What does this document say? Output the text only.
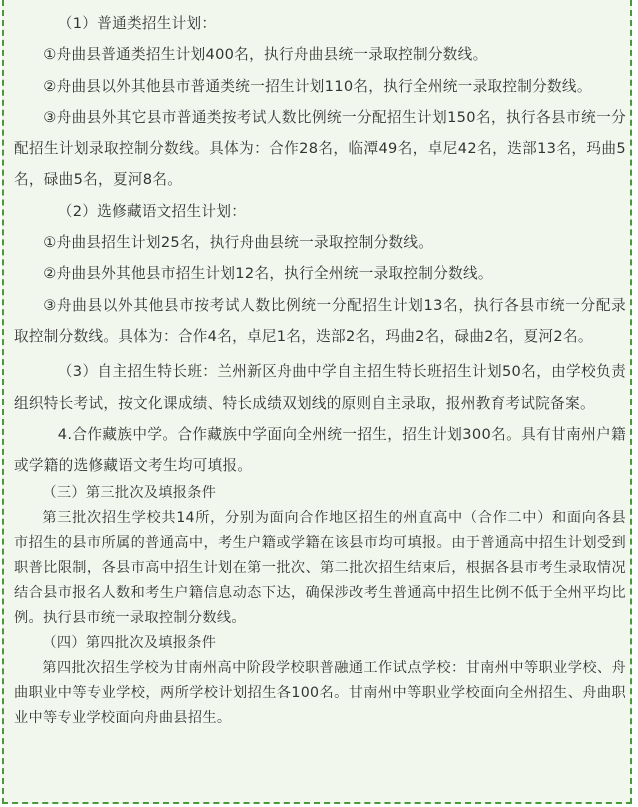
（1）普通类招生计划：

①舟曲县普通类招生计划400名，执行舟曲县统一录取控制分数线。

②舟曲县以外其他县市普通类统一招生计划110名，执行全州统一录取控制分数线。

③舟曲县外其它县市普通类按考试人数比例统一分配招生计划150名，执行各县市统一分配招生计划录取控制分数线。具体为：合作28名，临潭49名，卓尼42名，迭部13名，玛曲5名，碌曲5名，夏河8名。

（2）选修藏语文招生计划：

①舟曲县招生计划25名，执行舟曲县统一录取控制分数线。

②舟曲县外其他县市招生计划12名，执行全州统一录取控制分数线。

③舟曲县以外其他县市按考试人数比例统一分配招生计划13名，执行各县市统一分配录取控制分数线。具体为：合作4名，卓尼1名，迭部2名，玛曲2名，碌曲2名，夏河2名。

（3）自主招生特长班：兰州新区舟曲中学自主招生特长班招生计划50名，由学校负责组织特长考试，按文化课成绩、特长成绩双划线的原则自主录取，报州教育考试院备案。

4.合作藏族中学。合作藏族中学面向全州统一招生，招生计划300名。具有甘南州户籍或学籍的选修藏语文考生均可填报。

（三）第三批次及填报条件

第三批次招生学校共14所，分别为面向合作地区招生的州直高中（合作二中）和面向各县市招生的县市所属的普通高中，考生户籍或学籍在该县市均可填报。由于普通高中招生计划受到职普比限制，各县市高中招生计划在第一批次、第二批次招生结束后，根据各县市考生录取情况结合县市报名人数和考生户籍信息动态下达，确保涉改考生普通高中招生比例不低于全州平均比例。执行县市统一录取控制分数线。

（四）第四批次及填报条件

第四批次招生学校为甘南州高中阶段学校职普融通工作试点学校：甘南州中等职业学校、舟曲职业中等专业学校，两所学校计划招生各100名。甘南州中等职业学校面向全州招生、舟曲职业中等专业学校面向舟曲县招生。
